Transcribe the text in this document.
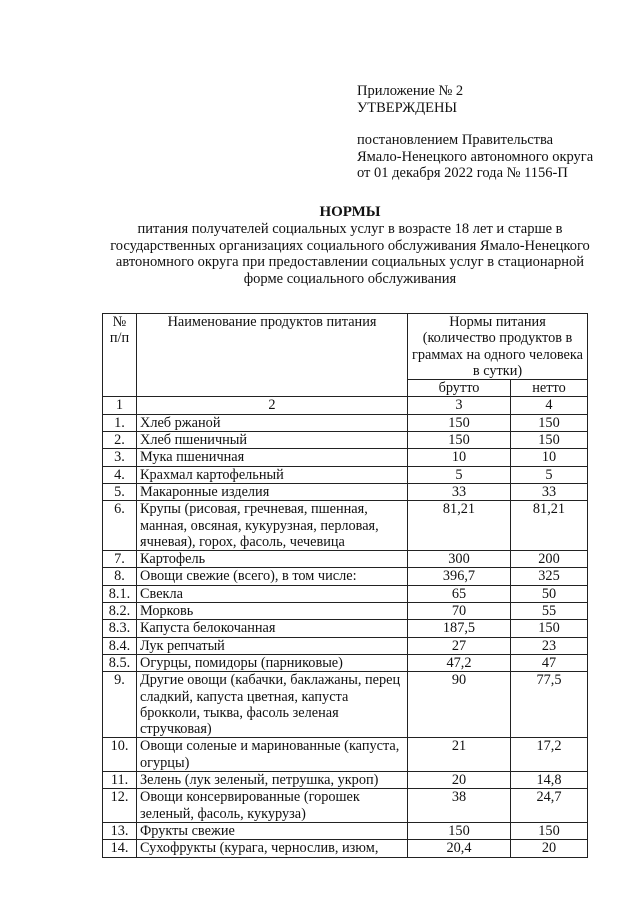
Приложение № 2
УТВЕРЖДЕНЫ
постановлением Правительства
Ямало-Ненецкого автономного округа
от 01 декабря 2022 года № 1156-П
НОРМЫ
питания получателей социальных услуг в возрасте 18 лет и старше в
государственных организациях социального обслуживания Ямало-Ненецкого
автономного округа при предоставлении социальных услуг в стационарной
форме социального обслуживания
№ п/п	Наименование продуктов питания	Нормы питания (количество продуктов в граммах на одного человека в сутки)	
		брутто	нетто
1	2	3	4
1.	Хлеб ржаной	150	150
2.	Хлеб пшеничный	150	150
3.	Мука пшеничная	10	10
4.	Крахмал картофельный	5	5
5.	Макаронные изделия	33	33
6.	Крупы (рисовая, гречневая, пшенная, манная, овсяная, кукурузная, перловая, ячневая), горох, фасоль, чечевица	81,21	81,21
7.	Картофель	300	200
8.	Овощи свежие (всего), в том числе:	396,7	325
8.1.	Свекла	65	50
8.2.	Морковь	70	55
8.3.	Капуста белокочанная	187,5	150
8.4.	Лук репчатый	27	23
8.5.	Огурцы, помидоры (парниковые)	47,2	47
9.	Другие овощи (кабачки, баклажаны, перец сладкий, капуста цветная, капуста брокколи, тыква, фасоль зеленая стручковая)	90	77,5
10.	Овощи соленые и маринованные (капуста, огурцы)	21	17,2
11.	Зелень (лук зеленый, петрушка, укроп)	20	14,8
12.	Овощи консервированные (горошек зеленый, фасоль, кукуруза)	38	24,7
13.	Фрукты свежие	150	150
14.	Сухофрукты (курага, чернослив, изюм,	20,4	20
